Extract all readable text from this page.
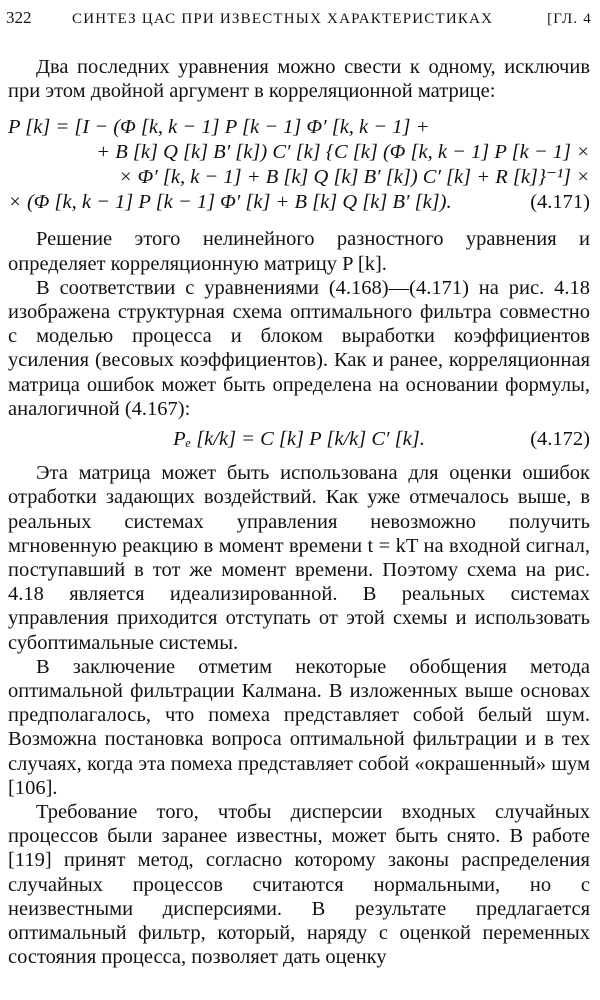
322	СИНТЕЗ ЦАС ПРИ ИЗВЕСТНЫХ ХАРАКТЕРИСТИКАХ	[ГЛ. 4

Два последних уравнения можно свести к одному, исключив при этом двойной аргумент в корреляционной матрице:

P [k] = [I − (Φ [k, k − 1] P [k − 1] Φ′ [k, k − 1] +
+ B [k] Q [k] B′ [k]) C′ [k] {C [k] (Φ [k, k − 1] P [k − 1] ×
× Φ′ [k, k − 1] + B [k] Q [k] B′ [k]) C′ [k] + R [k]}⁻¹] ×
× (Φ [k, k − 1] P [k − 1] Φ′ [k] + B [k] Q [k] B′ [k]).	(4.171)

Решение этого нелинейного разностного уравнения и определяет корреляционную матрицу P [k].

В соответствии с уравнениями (4.168)—(4.171) на рис. 4.18 изображена структурная схема оптимального фильтра совместно с моделью процесса и блоком выработки коэффициентов усиления (весовых коэффициентов). Как и ранее, корреляционная матрица ошибок может быть определена на основании формулы, аналогичной (4.167):

Pₑ [k/k] = C [k] P [k/k] C′ [k].	(4.172)

Эта матрица может быть использована для оценки ошибок отработки задающих воздействий. Как уже отмечалось выше, в реальных системах управления невозможно получить мгновенную реакцию в момент времени t = kT на входной сигнал, поступавший в тот же момент времени. Поэтому схема на рис. 4.18 является идеализированной. В реальных системах управления приходится отступать от этой схемы и использовать субоптимальные системы.

В заключение отметим некоторые обобщения метода оптимальной фильтрации Калмана. В изложенных выше основах предполагалось, что помеха представляет собой белый шум. Возможна постановка вопроса оптимальной фильтрации и в тех случаях, когда эта помеха представляет собой «окрашенный» шум [106].

Требование того, чтобы дисперсии входных случайных процессов были заранее известны, может быть снято. В работе [119] принят метод, согласно которому законы распределения случайных процессов считаются нормальными, но с неизвестными дисперсиями. В результате предлагается оптимальный фильтр, который, наряду с оценкой переменных состояния процесса, позволяет дать оценку
